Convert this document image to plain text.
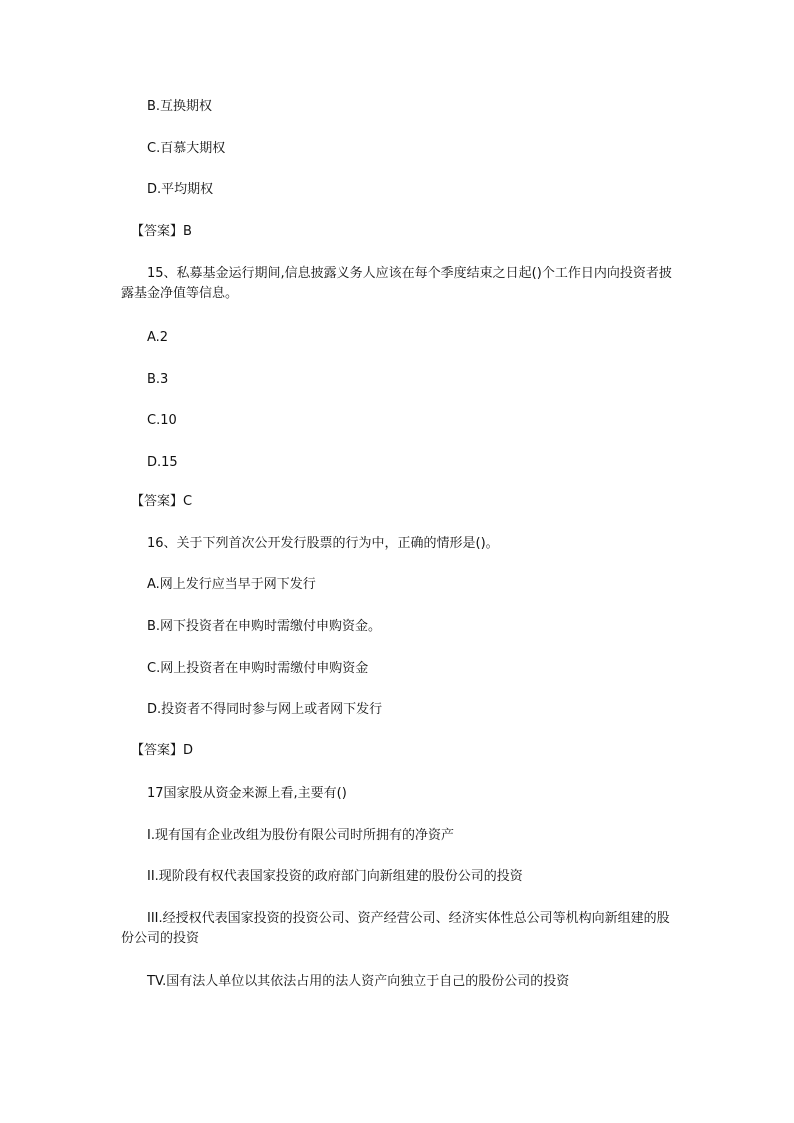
B.互换期权
C.百慕大期权
D.平均期权
【答案】B
15、私募基金运行期间,信息披露义务人应该在每个季度结束之日起()个工作日内向投资者披露基金净值等信息。
A.2
B.3
C.10
D.15
【答案】C
16、关于下列首次公开发行股票的行为中，正确的情形是()。
A.网上发行应当早于网下发行
B.网下投资者在申购时需缴付申购资金。
C.网上投资者在申购时需缴付申购资金
D.投资者不得同时参与网上或者网下发行
【答案】D
17国家股从资金来源上看,主要有()
I.现有国有企业改组为股份有限公司时所拥有的净资产
II.现阶段有权代表国家投资的政府部门向新组建的股份公司的投资
III.经授权代表国家投资的投资公司、资产经营公司、经济实体性总公司等机构向新组建的股份公司的投资
TV.国有法人单位以其依法占用的法人资产向独立于自己的股份公司的投资
